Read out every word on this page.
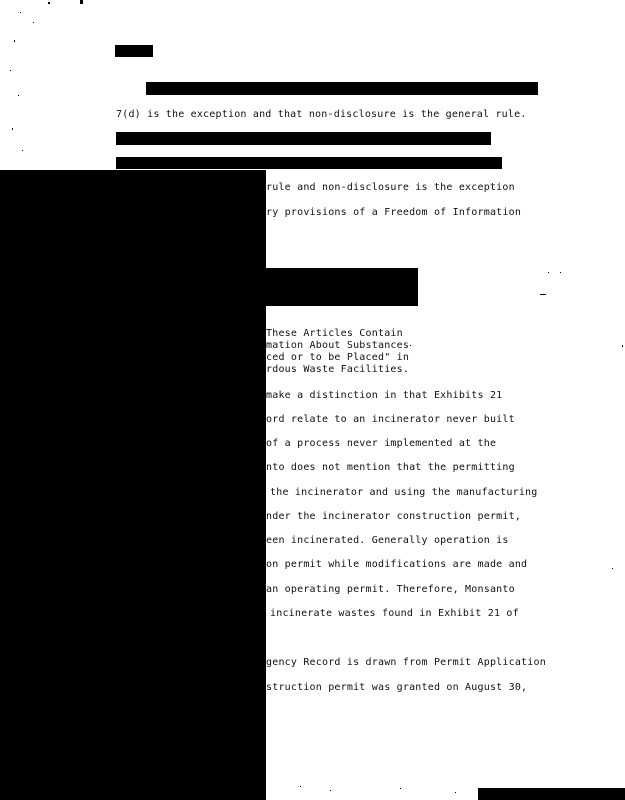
7(d) is the exception and that non-disclosure is the general rule.
rule and non-disclosure is the exception
ry provisions of a Freedom of Information
These Articles Contain
mation About Substances
ced or to be Placed" in
rdous Waste Facilities.
make a distinction in that Exhibits 21
ord relate to an incinerator never built
of a process never implemented at the
nto does not mention that the permitting
the incinerator and using the manufacturing
nder the incinerator construction permit,
een incinerated. Generally operation is
on permit while modifications are made and
an operating permit. Therefore, Monsanto
incinerate wastes found in Exhibit 21 of
gency Record is drawn from Permit Application
struction permit was granted on August 30,
